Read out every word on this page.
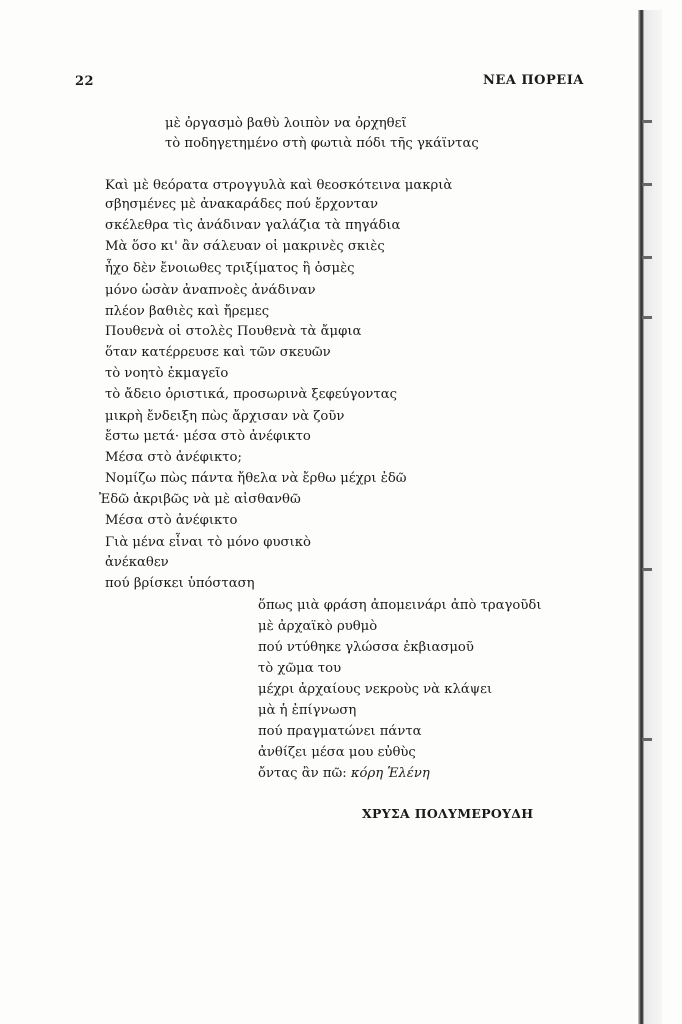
22	ΝΕΑ ΠΟΡΕΙΑ
μὲ ὀργασμὸ βαθὺ λοιπὸν να ὀρχηθεῖ
τὸ ποδηγετημένο στὴ φωτιὰ πόδι τῆς γκάϊντας
Καὶ μὲ θεόρατα στρογγυλὰ καὶ θεοσκότεινα μακριὰ
σβησμένες μὲ ἀνακαράδες πού ἔρχονταν
σκέλεθρα τὶς ἀνάδιναν γαλάζια τὰ πηγάδια
Μὰ ὅσο κι' ἂν σάλευαν οἱ μακρινὲς σκιὲς
ἦχο δὲν ἔνοιωθες τριξίματος ἢ ὀσμὲς
μόνο ὡσὰν ἀναπνοὲς ἀνάδιναν
πλέον βαθιὲς καὶ ἤρεμες
Πουθενὰ οἱ στολὲς Πουθενὰ τὰ ἄμφια
ὅταν κατέρρευσε καὶ τῶν σκευῶν
τὸ νοητὸ ἐκμαγεῖο
τὸ ἄδειο ὁριστικά, προσωρινὰ ξεφεύγοντας
μικρὴ ἔνδειξη πὼς ἄρχισαν νὰ ζοῦν
ἔστω μετά· μέσα στὸ ἀνέφικτο
Μέσα στὸ ἀνέφικτο;
Νομίζω πὼς πάντα ἤθελα νὰ ἔρθω μέχρι ἐδῶ
Ἐδῶ ἀκριβῶς νὰ μὲ αἰσθανθῶ
Μέσα στὸ ἀνέφικτο
Γιὰ μένα εἶναι τὸ μόνο φυσικὸ
ἀνέκαθεν
πού βρίσκει ὑπόσταση
ὅπως μιὰ φράση ἀπομεινάρι ἀπὸ τραγοῦδι
μὲ ἀρχαϊκὸ ρυθμὸ
πού ντύθηκε γλώσσα ἐκβιασμοῦ
τὸ χῶμα του
μέχρι ἀρχαίους νεκροὺς νὰ κλάψει
μὰ ἡ ἐπίγνωση
πού πραγματώνει πάντα
ἀνθίζει μέσα μου εὐθὺς
ὄντας ἂν πῶ: κόρη Ἑλένη
ΧΡΥΣΑ ΠΟΛΥΜΕΡΟΥΔΗ
